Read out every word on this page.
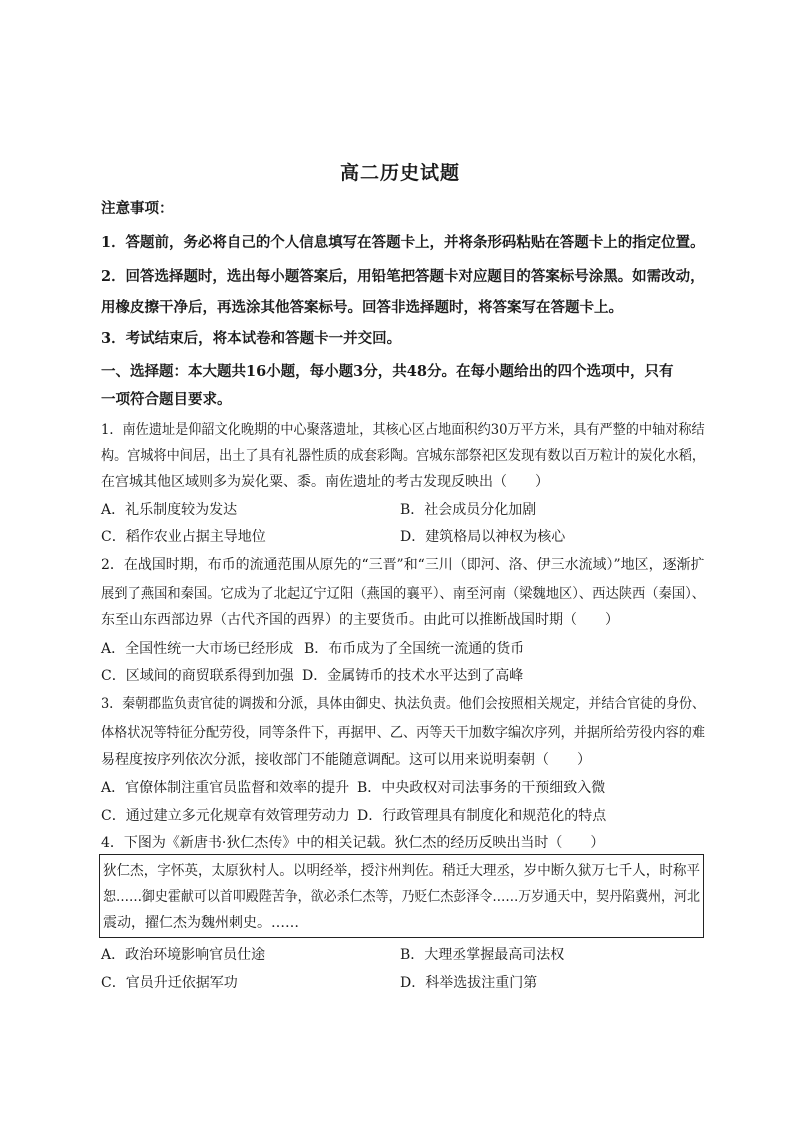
高二历史试题
注意事项：
1．答题前，务必将自己的个人信息填写在答题卡上，并将条形码粘贴在答题卡上的指定位置。
2．回答选择题时，选出每小题答案后，用铅笔把答题卡对应题目的答案标号涂黑。如需改动，
用橡皮擦干净后，再选涂其他答案标号。回答非选择题时，将答案写在答题卡上。
3．考试结束后，将本试卷和答题卡一并交回。
一、选择题：本大题共16小题，每小题3分，共48分。在每小题给出的四个选项中，只有
一项符合题目要求。
1．南佐遗址是仰韶文化晚期的中心聚落遗址，其核心区占地面积约30万平方米，具有严整的中轴对称结
构。宫城将中间居，出土了具有礼器性质的成套彩陶。宫城东部祭祀区发现有数以百万粒计的炭化水稻，
在宫城其他区域则多为炭化粟、黍。南佐遗址的考古发现反映出（　　）
A．礼乐制度较为发达	B．社会成员分化加剧
C．稻作农业占据主导地位	D．建筑格局以神权为核心
2．在战国时期，布币的流通范围从原先的“三晋”和“三川（即河、洛、伊三水流域）”地区，逐渐扩
展到了燕国和秦国。它成为了北起辽宁辽阳（燕国的襄平）、南至河南（梁魏地区）、西达陕西（秦国）、
东至山东西部边界（古代齐国的西界）的主要货币。由此可以推断战国时期（　　）
A．全国性统一大市场已经形成 B．布币成为了全国统一流通的货币
C．区域间的商贸联系得到加强 D．金属铸币的技术水平达到了高峰
3．秦朝郡监负责官徒的调拨和分派，具体由御史、执法负责。他们会按照相关规定，并结合官徒的身份、
体格状况等特征分配劳役，同等条件下，再据甲、乙、丙等天干加数字编次序列，并据所给劳役内容的难
易程度按序列依次分派，接收部门不能随意调配。这可以用来说明秦朝（　　）
A．官僚体制注重官员监督和效率的提升 B．中央政权对司法事务的干预细致入微
C．通过建立多元化规章有效管理劳动力 D．行政管理具有制度化和规范化的特点
4．下图为《新唐书·狄仁杰传》中的相关记载。狄仁杰的经历反映出当时（　　）
狄仁杰，字怀英，太原狄村人。以明经举，授汴州判佐。稍迁大理丞，岁中断久狱万七千人，时称平
恕……御史霍献可以首叩殿陛苦争，欲必杀仁杰等，乃贬仁杰彭泽令……万岁通天中，契丹陷冀州，河北
震动，擢仁杰为魏州刺史。……
A．政治环境影响官员仕途	B．大理丞掌握最高司法权
C．官员升迁依据军功	D．科举选拔注重门第
